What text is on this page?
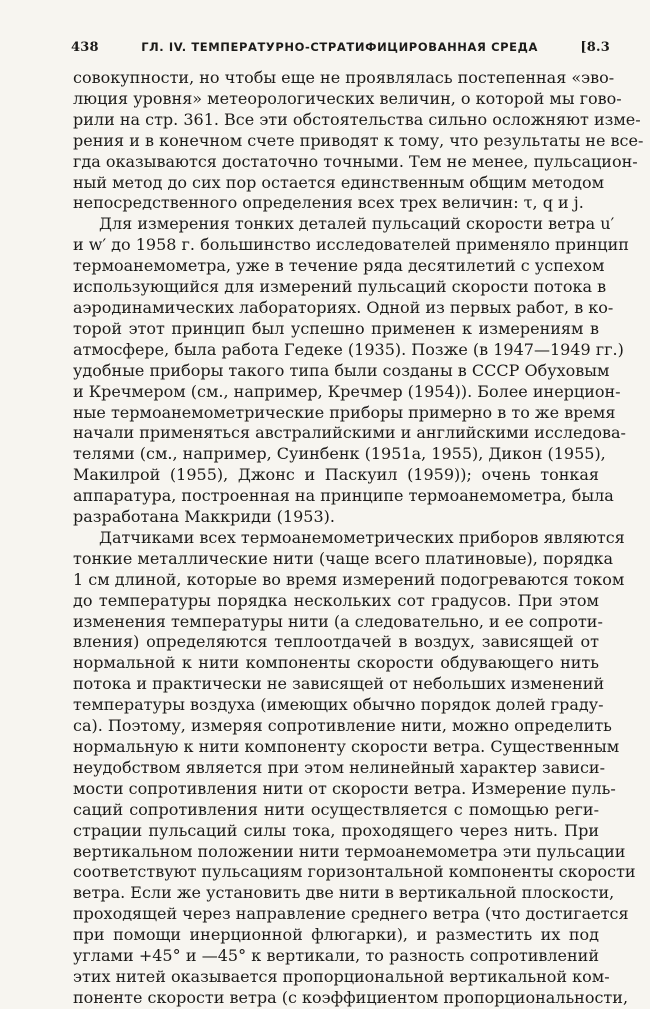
438	ГЛ. IV. ТЕМПЕРАТУРНО-СТРАТИФИЦИРОВАННАЯ СРЕДА	[8.3
совокупности, но чтобы еще не проявлялась постепенная «эво-
люция уровня» метеорологических величин, о которой мы гово-
рили на стр. 361. Все эти обстоятельства сильно осложняют изме-
рения и в конечном счете приводят к тому, что результаты не все-
гда оказываются достаточно точными. Тем не менее, пульсацион-
ный метод до сих пор остается единственным общим методом
непосредственного определения всех трех величин: τ, q и j.
Для измерения тонких деталей пульсаций скорости ветра u′
и w′ до 1958 г. большинство исследователей применяло принцип
термоанемометра, уже в течение ряда десятилетий с успехом
использующийся для измерений пульсаций скорости потока в
аэродинамических лабораториях. Одной из первых работ, в ко-
торой этот принцип был успешно применен к измерениям в
атмосфере, была работа Гедеке (1935). Позже (в 1947—1949 гг.)
удобные приборы такого типа были созданы в СССР Обуховым
и Кречмером (см., например, Кречмер (1954)). Более инерцион-
ные термоанемометрические приборы примерно в то же время
начали применяться австралийскими и английскими исследова-
телями (см., например, Суинбенк (1951а, 1955), Дикон (1955),
Макилрой (1955), Джонс и Паскуил (1959)); очень тонкая
аппаратура, построенная на принципе термоанемометра, была
разработана Маккриди (1953).
Датчиками всех термоанемометрических приборов являются
тонкие металлические нити (чаще всего платиновые), порядка
1 см длиной, которые во время измерений подогреваются током
до температуры порядка нескольких сот градусов. При этом
изменения температуры нити (а следовательно, и ее сопроти-
вления) определяются теплоотдачей в воздух, зависящей от
нормальной к нити компоненты скорости обдувающего нить
потока и практически не зависящей от небольших изменений
температуры воздуха (имеющих обычно порядок долей граду-
са). Поэтому, измеряя сопротивление нити, можно определить
нормальную к нити компоненту скорости ветра. Существенным
неудобством является при этом нелинейный характер зависи-
мости сопротивления нити от скорости ветра. Измерение пуль-
саций сопротивления нити осуществляется с помощью реги-
страции пульсаций силы тока, проходящего через нить. При
вертикальном положении нити термоанемометра эти пульсации
соответствуют пульсациям горизонтальной компоненты скорости
ветра. Если же установить две нити в вертикальной плоскости,
проходящей через направление среднего ветра (что достигается
при помощи инерционной флюгарки), и разместить их под
углами +45° и —45° к вертикали, то разность сопротивлений
этих нитей оказывается пропорциональной вертикальной ком-
поненте скорости ветра (с коэффициентом пропорциональности,
